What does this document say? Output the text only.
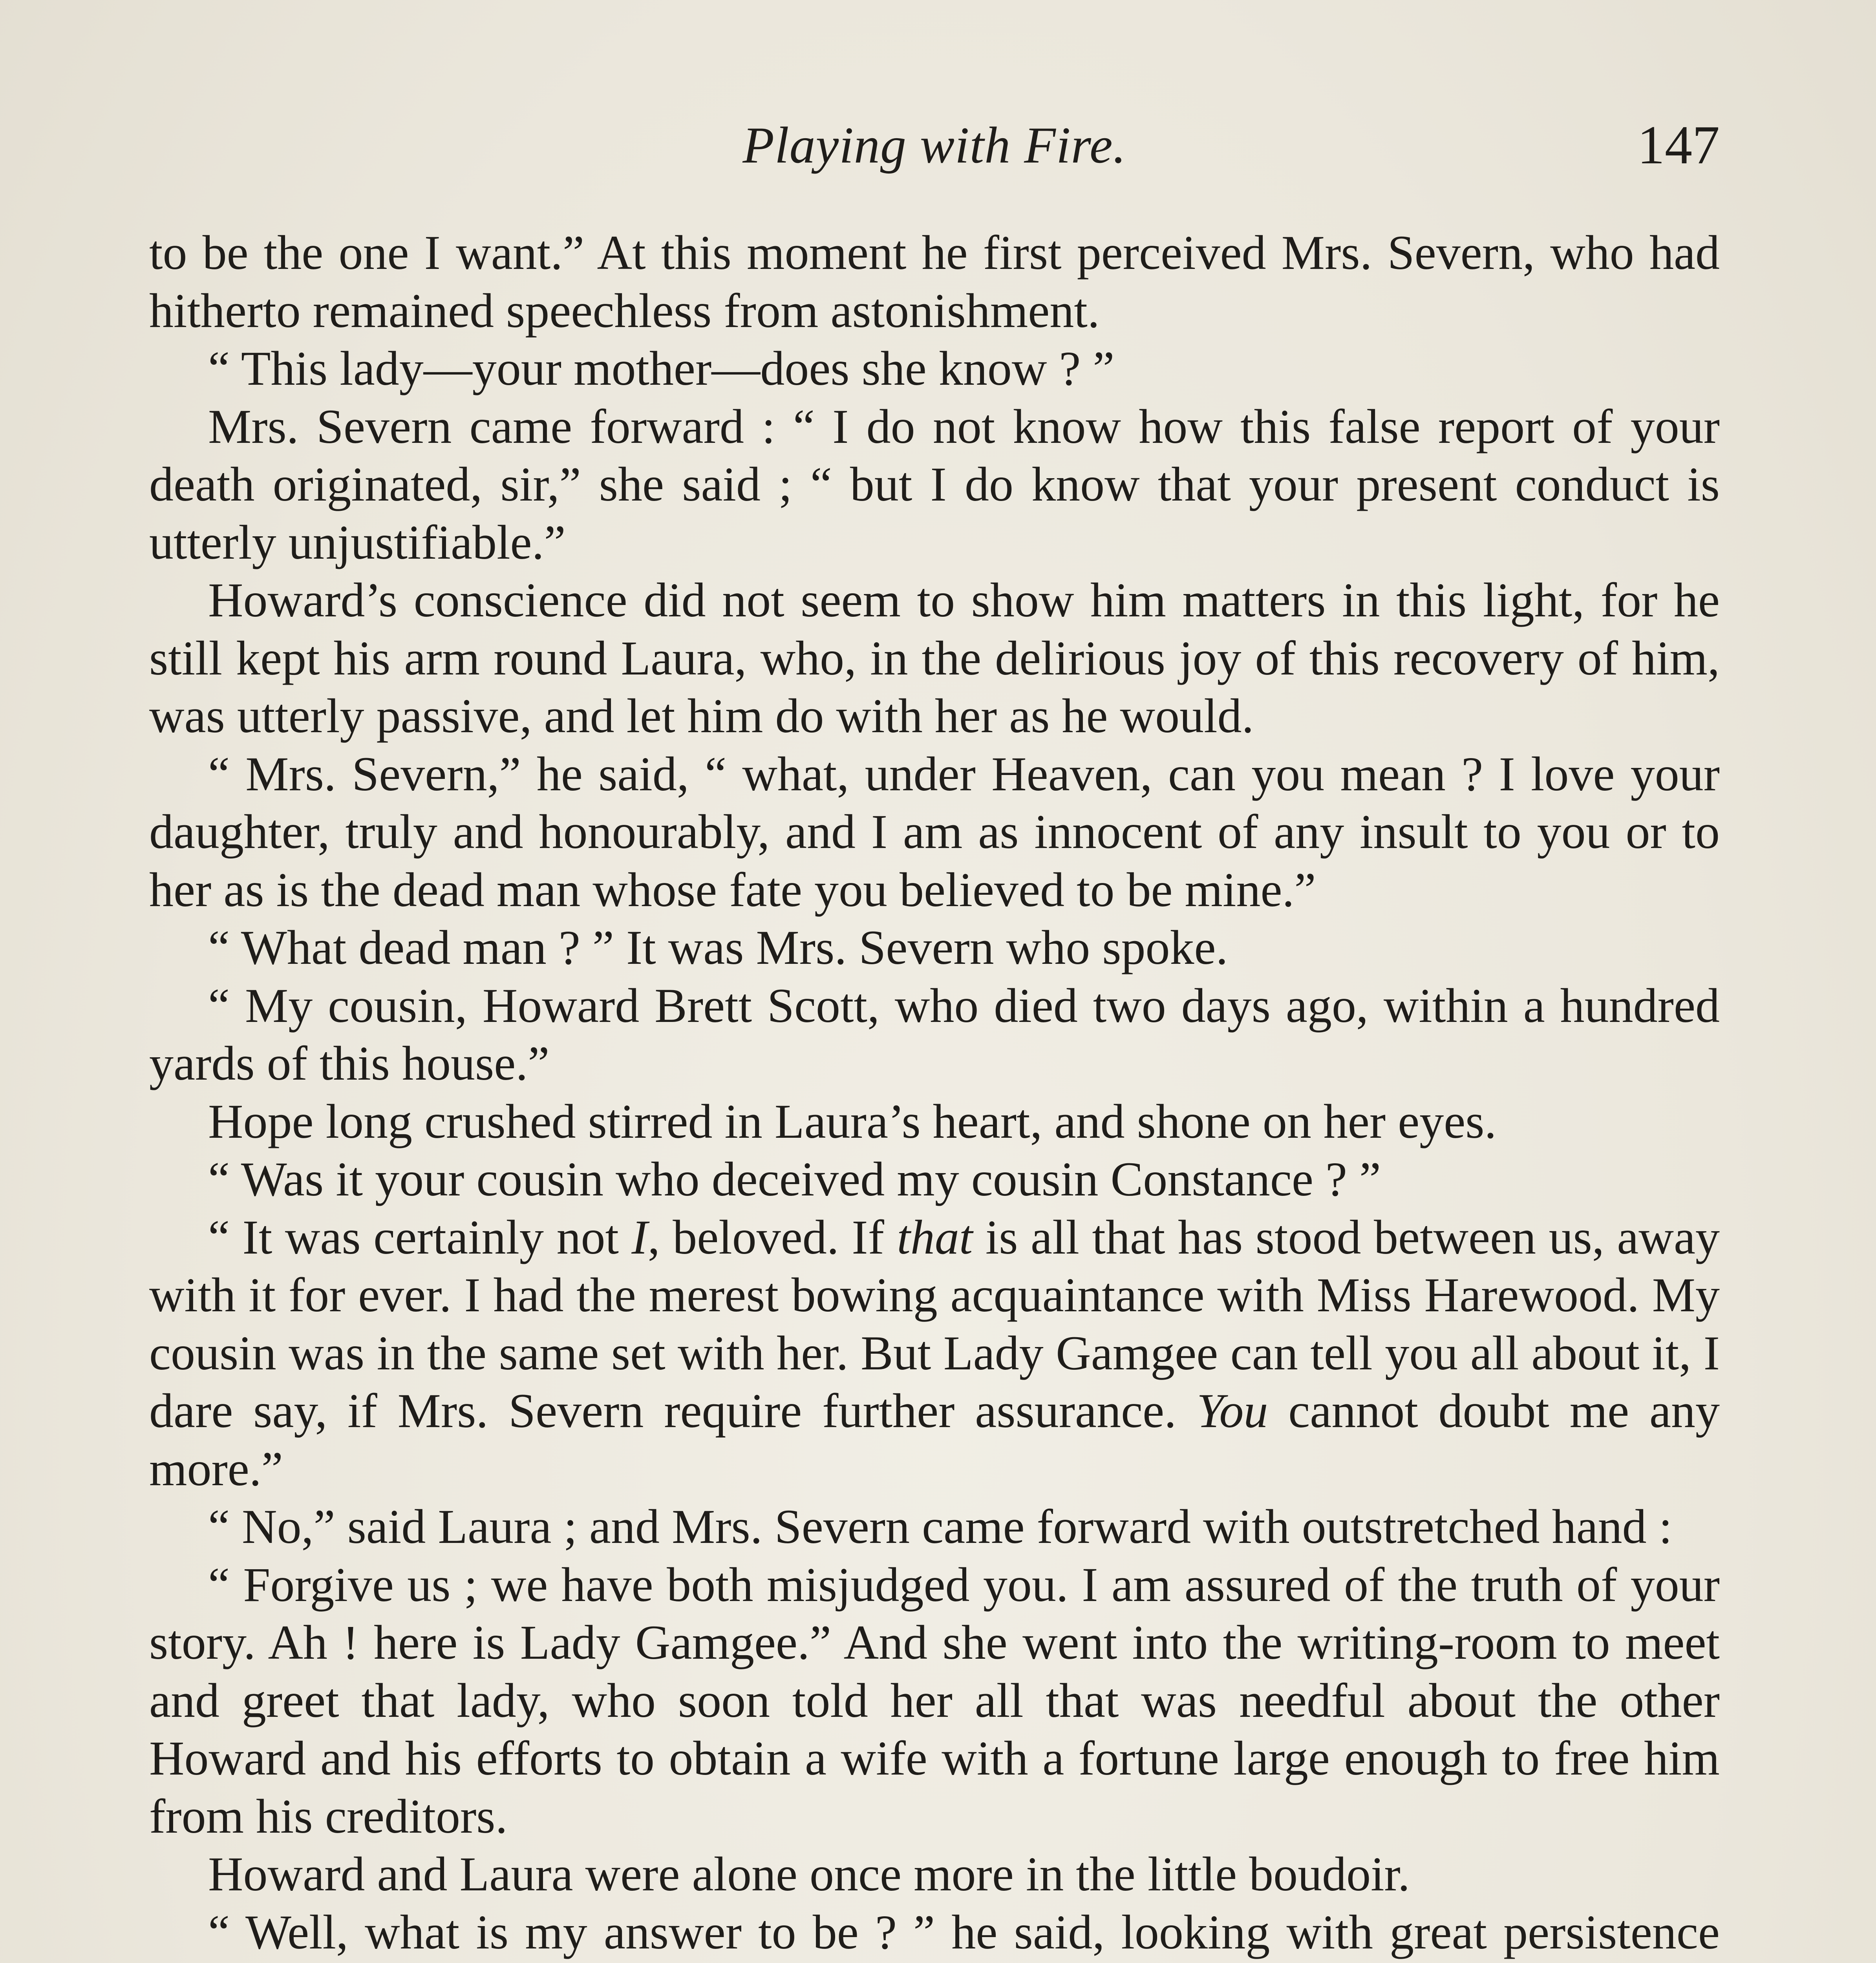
Playing with Fire.	147

to be the one I want.” At this moment he first perceived Mrs. Severn, who had hitherto remained speechless from astonishment.

“ This lady—your mother—does she know ? ”

Mrs. Severn came forward : “ I do not know how this false report of your death originated, sir,” she said ; “ but I do know that your present conduct is utterly unjustifiable.”

Howard’s conscience did not seem to show him matters in this light, for he still kept his arm round Laura, who, in the delirious joy of this recovery of him, was utterly passive, and let him do with her as he would.

“ Mrs. Severn,” he said, “ what, under Heaven, can you mean ? I love your daughter, truly and honourably, and I am as innocent of any insult to you or to her as is the dead man whose fate you believed to be mine.”

“ What dead man ? ” It was Mrs. Severn who spoke.

“ My cousin, Howard Brett Scott, who died two days ago, within a hundred yards of this house.”

Hope long crushed stirred in Laura’s heart, and shone on her eyes.

“ Was it your cousin who deceived my cousin Constance ? ”

“ It was certainly not I, beloved. If that is all that has stood between us, away with it for ever. I had the merest bowing acquaintance with Miss Harewood. My cousin was in the same set with her. But Lady Gamgee can tell you all about it, I dare say, if Mrs. Severn require further assurance. You cannot doubt me any more.”

“ No,” said Laura ; and Mrs. Severn came forward with outstretched hand :

“ Forgive us ; we have both misjudged you. I am assured of the truth of your story. Ah ! here is Lady Gamgee.” And she went into the writing-room to meet and greet that lady, who soon told her all that was needful about the other Howard and his efforts to obtain a wife with a fortune large enough to free him from his creditors.

Howard and Laura were alone once more in the little boudoir.

“ Well, what is my answer to be ? ” he said, looking with great persistence
